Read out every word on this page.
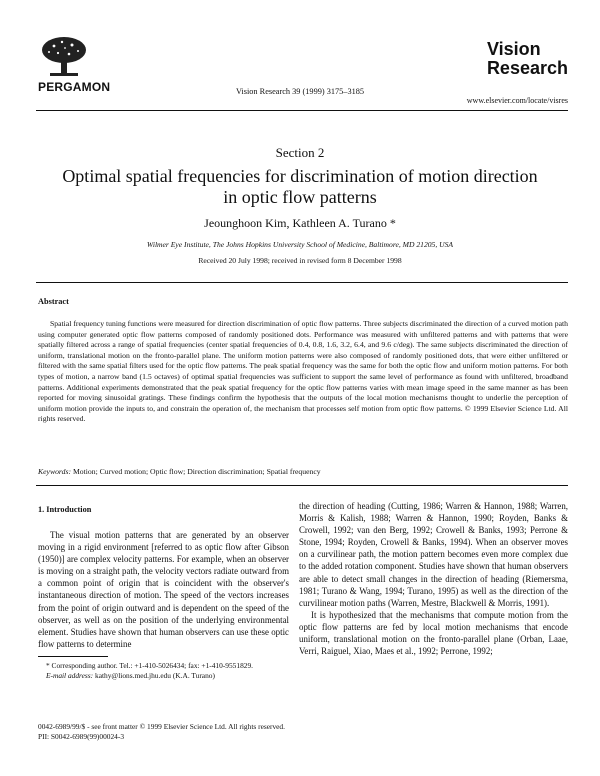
PERGAMON	Vision Research 39 (1999) 3175–3185
Vision
Research
www.elsevier.com/locate/visres
Section 2
Optimal spatial frequencies for discrimination of motion direction in optic flow patterns
Jeounghoon Kim, Kathleen A. Turano *
Wilmer Eye Institute, The Johns Hopkins University School of Medicine, Baltimore, MD 21205, USA
Received 20 July 1998; received in revised form 8 December 1998
Abstract
Spatial frequency tuning functions were measured for direction discrimination of optic flow patterns. Three subjects discriminated the direction of a curved motion path using computer generated optic flow patterns composed of randomly positioned dots. Performance was measured with unfiltered patterns and with patterns that were spatially filtered across a range of spatial frequencies (center spatial frequencies of 0.4, 0.8, 1.6, 3.2, 6.4, and 9.6 c/deg). The same subjects discriminated the direction of uniform, translational motion on the fronto-parallel plane. The uniform motion patterns were also composed of randomly positioned dots, that were either unfiltered or filtered with the same spatial filters used for the optic flow patterns. The peak spatial frequency was the same for both the optic flow and uniform motion patterns. For both types of motion, a narrow band (1.5 octaves) of optimal spatial frequencies was sufficient to support the same level of performance as found with unfiltered, broadband patterns. Additional experiments demonstrated that the peak spatial frequency for the optic flow patterns varies with mean image speed in the same manner as has been reported for moving sinusoidal gratings. These findings confirm the hypothesis that the outputs of the local motion mechanisms thought to underlie the perception of uniform motion provide the inputs to, and constrain the operation of, the mechanism that processes self motion from optic flow patterns. © 1999 Elsevier Science Ltd. All rights reserved.
Keywords: Motion; Curved motion; Optic flow; Direction discrimination; Spatial frequency
1. Introduction
The visual motion patterns that are generated by an observer moving in a rigid environment [referred to as optic flow after Gibson (1950)] are complex velocity patterns. For example, when an observer is moving on a straight path, the velocity vectors radiate outward from a common point of origin that is coincident with the observer's instantaneous direction of motion. The speed of the vectors increases from the point of origin outward and is dependent on the speed of the observer, as well as on the position of the underlying environmental element. Studies have shown that human observers can use these optic flow patterns to determine

the direction of heading (Cutting, 1986; Warren & Hannon, 1988; Warren, Morris & Kalish, 1988; Warren & Hannon, 1990; Royden, Banks & Crowell, 1992; van den Berg, 1992; Crowell & Banks, 1993; Perrone & Stone, 1994; Royden, Crowell & Banks, 1994). When an observer moves on a curvilinear path, the motion pattern becomes even more complex due to the added rotation component. Studies have shown that human observers are able to detect small changes in the direction of heading (Riemersma, 1981; Turano & Wang, 1994; Turano, 1995) as well as the direction of the curvilinear motion paths (Warren, Mestre, Blackwell & Morris, 1991).

It is hypothesized that the mechanisms that compute motion from the optic flow patterns are fed by local motion mechanisms that encode uniform, translational motion on the fronto-parallel plane (Orban, Laae, Verri, Raiguel, Xiao, Maes et al., 1992; Perrone, 1992;

* Corresponding author. Tel.: +1-410-5026434; fax: +1-410-9551829.
E-mail address: kathy@lions.med.jhu.edu (K.A. Turano)
0042-6989/99/$ - see front matter © 1999 Elsevier Science Ltd. All rights reserved.
PII: S0042-6989(99)00024-3
